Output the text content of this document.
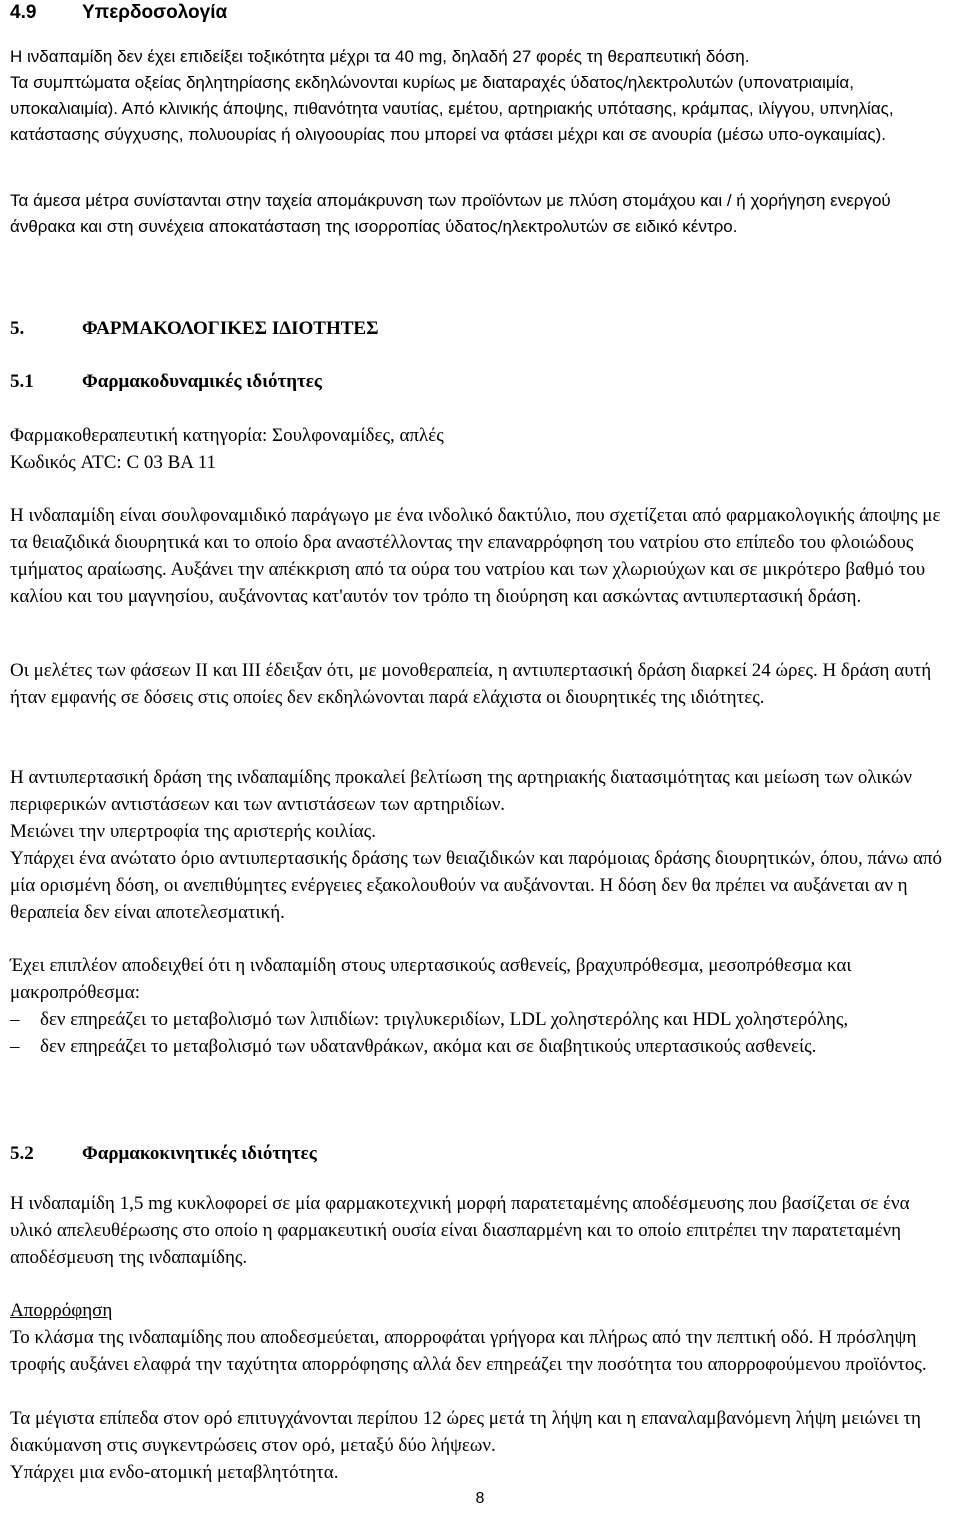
4.9 Υπερδοσολογία

Η ινδαπαμίδη δεν έχει επιδείξει τοξικότητα μέχρι τα 40 mg, δηλαδή 27 φορές τη θεραπευτική δόση.

Τα συμπτώματα οξείας δηλητηρίασης εκδηλώνονται κυρίως με διαταραχές ύδατος/ηλεκτρολυτών (υπονατριαιμία, υποκαλιαιμία). Από κλινικής άποψης, πιθανότητα ναυτίας, εμέτου, αρτηριακής υπότασης, κράμπας, ιλίγγου, υπνηλίας, κατάστασης σύγχυσης, πολυουρίας ή ολιγοουρίας που μπορεί να φτάσει μέχρι και σε ανουρία (μέσω υπο-ογκαιμίας).

Τα άμεσα μέτρα συνίστανται στην ταχεία απομάκρυνση των προϊόντων με πλύση στομάχου και / ή χορήγηση ενεργού άνθρακα και στη συνέχεια αποκατάσταση της ισορροπίας ύδατος/ηλεκτρολυτών σε ειδικό κέντρο.

5.	ΦΑΡΜΑΚΟΛΟΓΙΚΕΣ ΙΔΙΟΤΗΤΕΣ
5.1	Φαρμακοδυναμικές ιδιότητες

Φαρμακοθεραπευτική κατηγορία: Σουλφοναμίδες, απλές

Κωδικός ATC: C 03 BA 11

Η ινδαπαμίδη είναι σουλφοναμιδικό παράγωγο με ένα ινδολικό δακτύλιο, που σχετίζεται από φαρμακολογικής άποψης με τα θειαζιδικά διουρητικά και το οποίο δρα αναστέλλοντας την επαναρρόφηση του νατρίου στο επίπεδο του φλοιώδους τμήματος αραίωσης. Αυξάνει την απέκκριση από τα ούρα του νατρίου και των χλωριούχων και σε μικρότερο βαθμό του καλίου και του μαγνησίου, αυξάνοντας κατ'αυτόν τον τρόπο τη διούρηση και ασκώντας αντιυπερτασική δράση.

Οι μελέτες των φάσεων II και III έδειξαν ότι, με μονοθεραπεία, η αντιυπερτασική δράση διαρκεί 24 ώρες. Η δράση αυτή ήταν εμφανής σε δόσεις στις οποίες δεν εκδηλώνονται παρά ελάχιστα οι διουρητικές της ιδιότητες.

Η αντιυπερτασική δράση της ινδαπαμίδης προκαλεί βελτίωση της αρτηριακής διατασιμότητας και μείωση των ολικών περιφερικών αντιστάσεων και των αντιστάσεων των αρτηριδίων.

Μειώνει την υπερτροφία της αριστερής κοιλίας.

Υπάρχει ένα ανώτατο όριο αντιυπερτασικής δράσης των θειαζιδικών και παρόμοιας δράσης διουρητικών, όπου, πάνω από μία ορισμένη δόση, οι ανεπιθύμητες ενέργειες εξακολουθούν να αυξάνονται. Η δόση δεν θα πρέπει να αυξάνεται αν η θεραπεία δεν είναι αποτελεσματική.

Έχει επιπλέον αποδειχθεί ότι η ινδαπαμίδη στους υπερτασικούς ασθενείς, βραχυπρόθεσμα, μεσοπρόθεσμα και μακροπρόθεσμα:

– δεν επηρεάζει το μεταβολισμό των λιπιδίων: τριγλυκεριδίων, LDL χοληστερόλης και HDL χοληστερόλης,
– δεν επηρεάζει το μεταβολισμό των υδατανθράκων, ακόμα και σε διαβητικούς υπερτασικούς ασθενείς.
5.2	Φαρμακοκινητικές ιδιότητες

Η ινδαπαμίδη 1,5 mg κυκλοφορεί σε μία φαρμακοτεχνική μορφή παρατεταμένης αποδέσμευσης που βασίζεται σε ένα υλικό απελευθέρωσης στο οποίο η φαρμακευτική ουσία είναι διασπαρμένη και το οποίο επιτρέπει την παρατεταμένη αποδέσμευση της ινδαπαμίδης.

Απορρόφηση

Το κλάσμα της ινδαπαμίδης που αποδεσμεύεται, απορροφάται γρήγορα και πλήρως από την πεπτική οδό. Η πρόσληψη τροφής αυξάνει ελαφρά την ταχύτητα απορρόφησης αλλά δεν επηρεάζει την ποσότητα του απορροφούμενου προϊόντος.

Τα μέγιστα επίπεδα στον ορό επιτυγχάνονται περίπου 12 ώρες μετά τη λήψη και η επαναλαμβανόμενη λήψη μειώνει τη διακύμανση στις συγκεντρώσεις στον ορό, μεταξύ δύο λήψεων.

Υπάρχει μια ενδο-ατομική μεταβλητότητα.

8
